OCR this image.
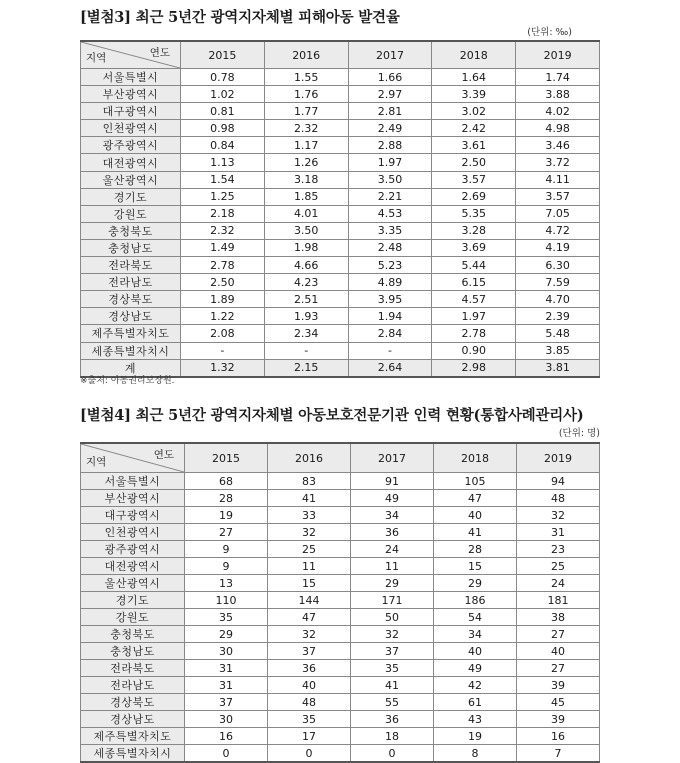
[별첨3] 최근 5년간 광역지자체별 피해아동 발견율
(단위: ‰)
연도
지역	2015	2016	2017	2018	2019
서울특별시	0.78	1.55	1.66	1.64	1.74
부산광역시	1.02	1.76	2.97	3.39	3.88
대구광역시	0.81	1.77	2.81	3.02	4.02
인천광역시	0.98	2.32	2.49	2.42	4.98
광주광역시	0.84	1.17	2.88	3.61	3.46
대전광역시	1.13	1.26	1.97	2.50	3.72
울산광역시	1.54	3.18	3.50	3.57	4.11
경기도	1.25	1.85	2.21	2.69	3.57
강원도	2.18	4.01	4.53	5.35	7.05
충청북도	2.32	3.50	3.35	3.28	4.72
충청남도	1.49	1.98	2.48	3.69	4.19
전라북도	2.78	4.66	5.23	5.44	6.30
전라남도	2.50	4.23	4.89	6.15	7.59
경상북도	1.89	2.51	3.95	4.57	4.70
경상남도	1.22	1.93	1.94	1.97	2.39
제주특별자치도	2.08	2.34	2.84	2.78	5.48
세종특별자치시	-	-	-	0.90	3.85
계	1.32	2.15	2.64	2.98	3.81
※출처: 아동권리보장원.
[별첨4] 최근 5년간 광역지자체별 아동보호전문기관 인력 현황(통합사례관리사)
(단위: 명)
연도
지역	2015	2016	2017	2018	2019
서울특별시	68	83	91	105	94
부산광역시	28	41	49	47	48
대구광역시	19	33	34	40	32
인천광역시	27	32	36	41	31
광주광역시	9	25	24	28	23
대전광역시	9	11	11	15	25
울산광역시	13	15	29	29	24
경기도	110	144	171	186	181
강원도	35	47	50	54	38
충청북도	29	32	32	34	27
충청남도	30	37	37	40	40
전라북도	31	36	35	49	27
전라남도	31	40	41	42	39
경상북도	37	48	55	61	45
경상남도	30	35	36	43	39
제주특별자치도	16	17	18	19	16
세종특별자치시	0	0	0	8	7
